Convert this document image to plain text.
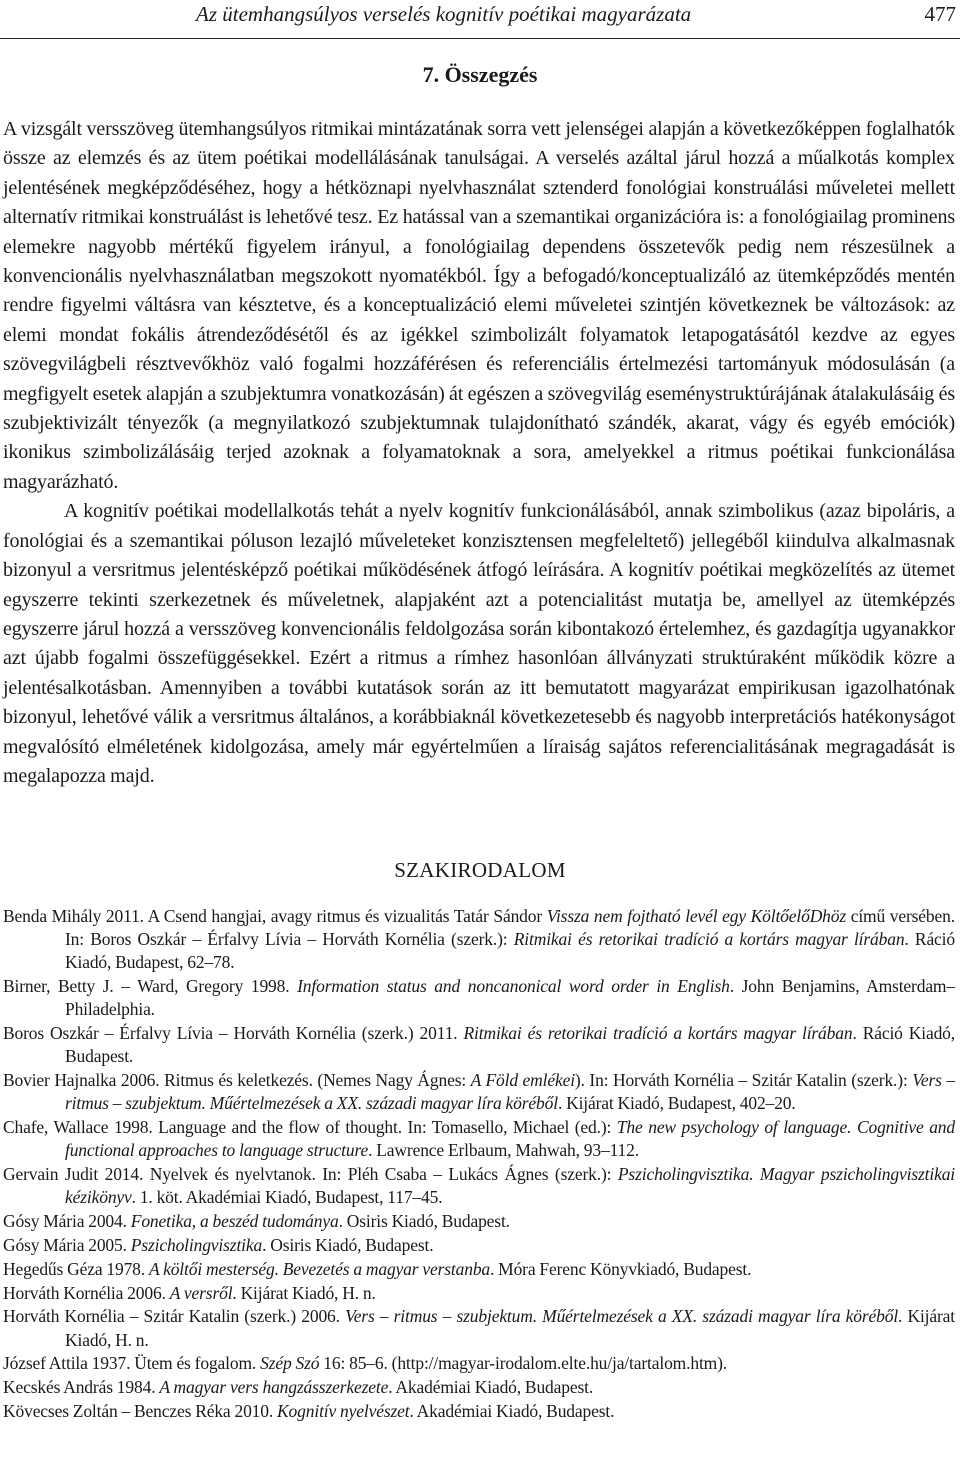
Az ütemhangsúlyos verselés kognitív poétikai magyarázata	477
7. Összegzés

A vizsgált versszöveg ütemhangsúlyos ritmikai mintázatának sorra vett jelenségei alapján a következőképpen foglalhatók össze az elemzés és az ütem poétikai modellálásának tanulságai. A verselés azáltal járul hozzá a műalkotás komplex jelentésének megképződéséhez, hogy a hétköznapi nyelvhasználat sztenderd fonológiai konstruálási műveletei mellett alternatív ritmikai konstruálást is lehetővé tesz. Ez hatással van a szemantikai organizációra is: a fonológiailag prominens elemekre nagyobb mértékű figyelem irányul, a fonológiailag dependens összetevők pedig nem részesülnek a konvencionális nyelvhasználatban megszokott nyomatékból. Így a befogadó/konceptualizáló az ütemképződés mentén rendre figyelmi váltásra van késztetve, és a konceptualizáció elemi műveletei szintjén következnek be változások: az elemi mondat fokális átrendeződésétől és az igékkel szimbolizált folyamatok letapogatásától kezdve az egyes szövegvilágbeli résztvevőkhöz való fogalmi hozzáférésen és referenciális értelmezési tartományuk módosulásán (a megfigyelt esetek alapján a szubjektumra vonatkozásán) át egészen a szövegvilág eseménystruktúrájának átalakulásáig és szubjektivizált tényezők (a megnyilatkozó szubjektumnak tulajdonítható szándék, akarat, vágy és egyéb emóciók) ikonikus szimbolizálásáig terjed azoknak a folyamatoknak a sora, amelyekkel a ritmus poétikai funkcionálása magyarázható.

A kognitív poétikai modellalkotás tehát a nyelv kognitív funkcionálásából, annak szimbolikus (azaz bipoláris, a fonológiai és a szemantikai póluson lezajló műveleteket konzisztensen megfeleltető) jellegéből kiindulva alkalmasnak bizonyul a versritmus jelentésképző poétikai működésének átfogó leírására. A kognitív poétikai megközelítés az ütemet egyszerre tekinti szerkezetnek és műveletnek, alapjaként azt a potencialitást mutatja be, amellyel az ütemképzés egyszerre járul hozzá a versszöveg konvencionális feldolgozása során kibontakozó értelemhez, és gazdagítja ugyanakkor azt újabb fogalmi összefüggésekkel. Ezért a ritmus a rímhez hasonlóan állványzati struktúraként működik közre a jelentésalkotásban. Amennyiben a további kutatások során az itt bemutatott magyarázat empirikusan igazolhatónak bizonyul, lehetővé válik a versritmus általános, a korábbiaknál következetesebb és nagyobb interpretációs hatékonyságot megvalósító elméletének kidolgozása, amely már egyértelműen a líraiság sajátos referencialitásának megragadását is megalapozza majd.

SZAKIRODALOM
Benda Mihály 2011. A Csend hangjai, avagy ritmus és vizualitás Tatár Sándor Vissza nem fojtható levél egy KöltőelőDhöz című versében. In: Boros Oszkár – Érfalvy Lívia – Horváth Kornélia (szerk.): Ritmikai és retorikai tradíció a kortárs magyar lírában. Ráció Kiadó, Budapest, 62–78.
Birner, Betty J. – Ward, Gregory 1998. Information status and noncanonical word order in English. John Benjamins, Amsterdam–Philadelphia.
Boros Oszkár – Érfalvy Lívia – Horváth Kornélia (szerk.) 2011. Ritmikai és retorikai tradíció a kortárs magyar lírában. Ráció Kiadó, Budapest.
Bovier Hajnalka 2006. Ritmus és keletkezés. (Nemes Nagy Ágnes: A Föld emlékei). In: Horváth Kornélia – Szitár Katalin (szerk.): Vers – ritmus – szubjektum. Műértelmezések a XX. századi magyar líra köréből. Kijárat Kiadó, Budapest, 402–20.
Chafe, Wallace 1998. Language and the flow of thought. In: Tomasello, Michael (ed.): The new psychology of language. Cognitive and functional approaches to language structure. Lawrence Erlbaum, Mahwah, 93–112.
Gervain Judit 2014. Nyelvek és nyelvtanok. In: Pléh Csaba – Lukács Ágnes (szerk.): Pszicholingvisztika. Magyar pszicholingvisztikai kézikönyv. 1. köt. Akadémiai Kiadó, Budapest, 117–45.
Gósy Mária 2004. Fonetika, a beszéd tudománya. Osiris Kiadó, Budapest.
Gósy Mária 2005. Pszicholingvisztika. Osiris Kiadó, Budapest.
Hegedűs Géza 1978. A költői mesterség. Bevezetés a magyar verstanba. Móra Ferenc Könyvkiadó, Budapest.
Horváth Kornélia 2006. A versről. Kijárat Kiadó, H. n.
Horváth Kornélia – Szitár Katalin (szerk.) 2006. Vers – ritmus – szubjektum. Műértelmezések a XX. századi magyar líra köréből. Kijárat Kiadó, H. n.
József Attila 1937. Ütem és fogalom. Szép Szó 16: 85–6. (http://magyar-irodalom.elte.hu/ja/tartalom.htm).
Kecskés András 1984. A magyar vers hangzásszerkezete. Akadémiai Kiadó, Budapest.
Kövecses Zoltán – Benczes Réka 2010. Kognitív nyelvészet. Akadémiai Kiadó, Budapest.
